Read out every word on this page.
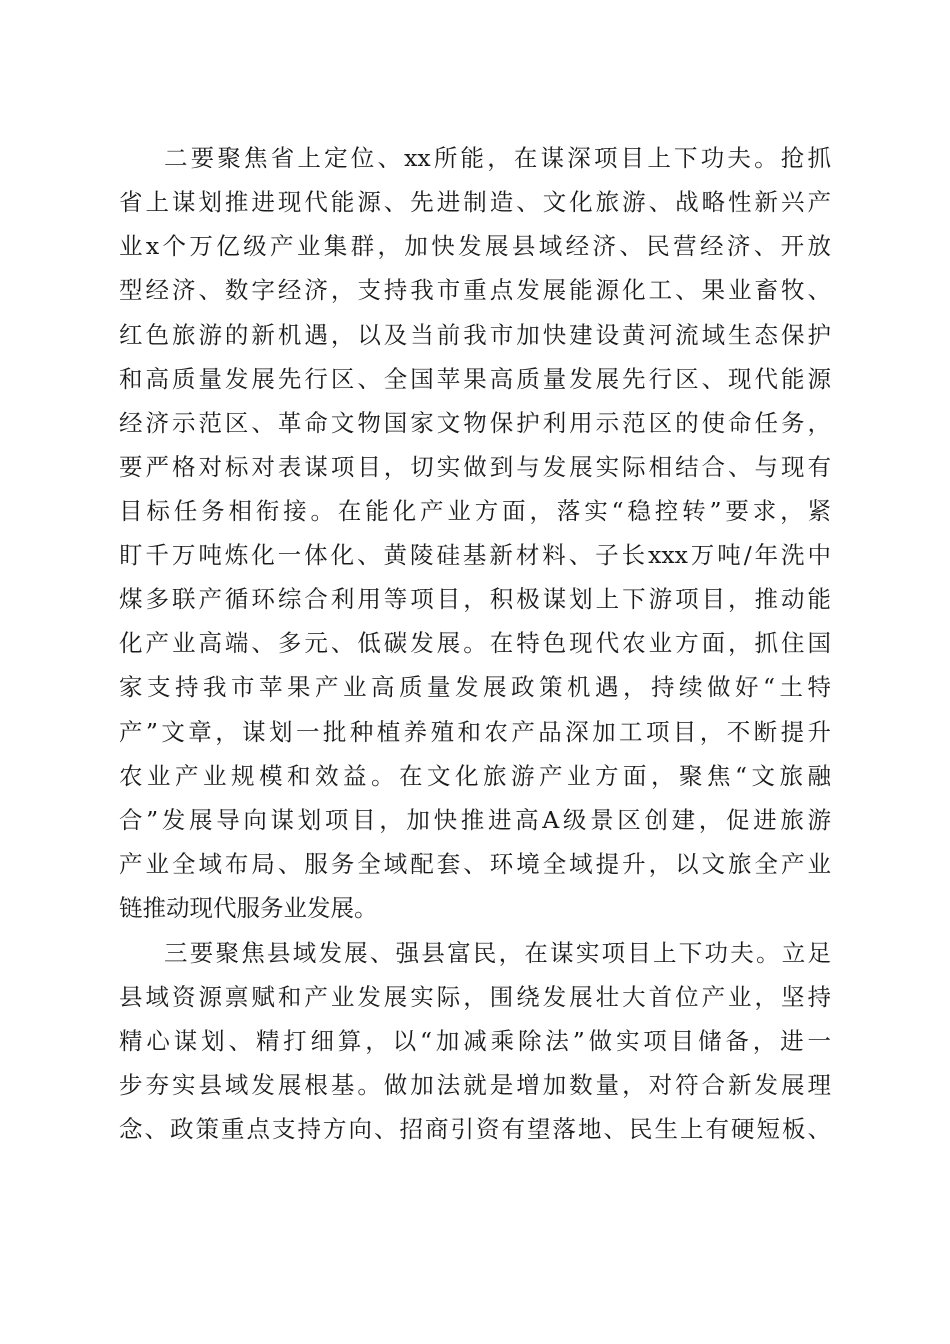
二要聚焦省上定位、xx所能，在谋深项目上下功夫。抢抓
省上谋划推进现代能源、先进制造、文化旅游、战略性新兴产
业x个万亿级产业集群，加快发展县域经济、民营经济、开放
型经济、数字经济，支持我市重点发展能源化工、果业畜牧、
红色旅游的新机遇，以及当前我市加快建设黄河流域生态保护
和高质量发展先行区、全国苹果高质量发展先行区、现代能源
经济示范区、革命文物国家文物保护利用示范区的使命任务，
要严格对标对表谋项目，切实做到与发展实际相结合、与现有
目标任务相衔接。在能化产业方面，落实“稳控转”要求，紧
盯千万吨炼化一体化、黄陵硅基新材料、子长xxx万吨/年洗中
煤多联产循环综合利用等项目，积极谋划上下游项目，推动能
化产业高端、多元、低碳发展。在特色现代农业方面，抓住国
家支持我市苹果产业高质量发展政策机遇，持续做好“土特
产”文章，谋划一批种植养殖和农产品深加工项目，不断提升
农业产业规模和效益。在文化旅游产业方面，聚焦“文旅融
合”发展导向谋划项目，加快推进高A级景区创建，促进旅游
产业全域布局、服务全域配套、环境全域提升，以文旅全产业
链推动现代服务业发展。
三要聚焦县域发展、强县富民，在谋实项目上下功夫。立足
县域资源禀赋和产业发展实际，围绕发展壮大首位产业，坚持
精心谋划、精打细算，以“加减乘除法”做实项目储备，进一
步夯实县域发展根基。做加法就是增加数量，对符合新发展理
念、政策重点支持方向、招商引资有望落地、民生上有硬短板、
